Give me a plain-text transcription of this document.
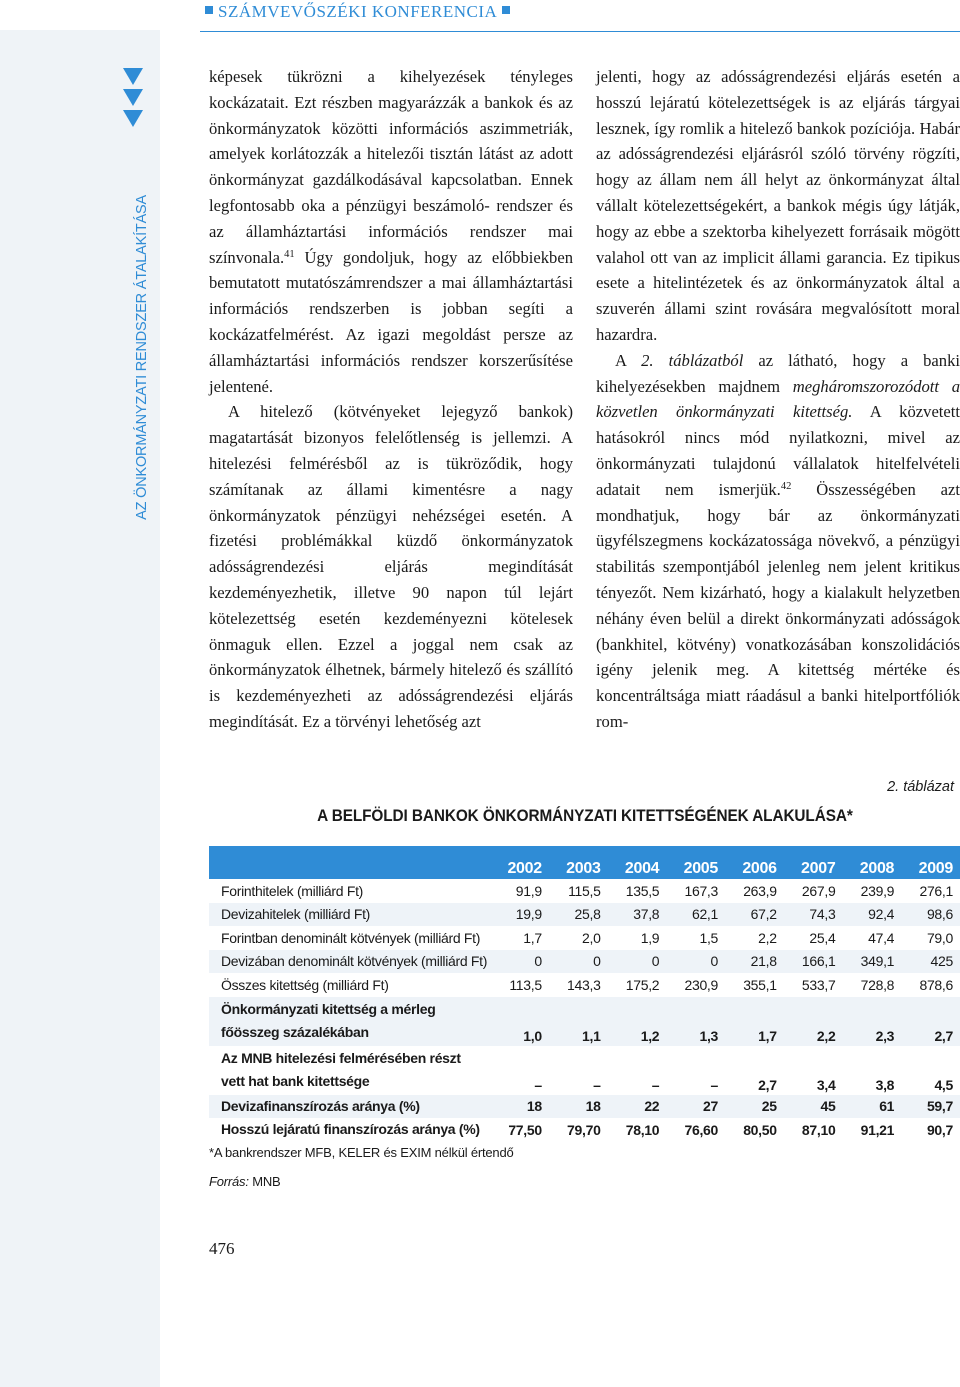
SZÁMVEVŐSZÉKI KONFERENCIA
AZ ÖNKORMÁNYZATI RENDSZER ÁTALAKÍTÁSA

képesek tükrözni a kihelyezések tényleges kockázatait. Ezt részben magyarázzák a bankok és az önkormányzatok közötti információs aszimmetriák, amelyek korlátozzák a hitelezői tisztán látást az adott önkormányzat gazdálkodásával kapcsolatban. Ennek legfontosabb oka a pénzügyi beszámoló- rendszer és az államháztartási információs rendszer mai színvonala.$^{41}$ Úgy gondoljuk, hogy az előbbiekben bemutatott mutatószámrendszer a mai államháztartási információs rendszerben is jobban segíti a kockázatfelmérést. Az igazi megoldást persze az államháztartási információs rendszer korszerűsítése jelentené.

A hitelező (kötvényeket lejegyző bankok) magatartását bizonyos felelőtlenség is jellemzi. A hitelezési felmérésből az is tükröződik, hogy számítanak az állami kimentésre a nagy önkormányzatok pénzügyi nehézségei esetén. A fizetési problémákkal küzdő önkormányzatok adósságrendezési eljárás megindítását kezdeményezhetik, illetve 90 napon túl lejárt kötelezettség esetén kezdeményezni kötelesek önmaguk ellen. Ezzel a joggal nem csak az önkormányzatok élhetnek, bármely hitelező és szállító is kezdeményezheti az adósságrendezési eljárás megindítását. Ez a törvényi lehetőség azt

jelenti, hogy az adósságrendezési eljárás esetén a hosszú lejáratú kötelezettségek is az eljárás tárgyai lesznek, így romlik a hitelező bankok pozíciója. Habár az adósságrendezési eljárásról szóló törvény rögzíti, hogy az állam nem áll helyt az önkormányzat által vállalt kötelezettségekért, a bankok mégis úgy látják, hogy az ebbe a szektorba kihelyezett forrásaik mögött valahol ott van az implicit állami garancia. Ez tipikus esete a hitelintézetek és az önkormányzatok által a szuverén állami szint rovására megvalósított moral hazardra.

A 2. táblázatból az látható, hogy a banki kihelyezésekben majdnem megháromszorozódott a közvetlen önkormányzati kitettség. A közvetett hatásokról nincs mód nyilatkozni, mivel az önkormányzati tulajdonú vállalatok hitelfelvételi adatait nem ismerjük.$^{42}$ Összességében azt mondhatjuk, hogy bár az önkormányzati ügyfélszegmens kockázatossága növekvő, a pénzügyi stabilitás szempontjából jelenleg nem jelent kritikus tényezőt. Nem kizárható, hogy a kialakult helyzetben néhány éven belül a direkt önkormányzati adósságok (bankhitel, kötvény) vonatkozásában konszolidációs igény jelenik meg. A kitettség mértéke és koncentráltsága miatt ráadásul a banki hitelportfóliók rom-

2. táblázat
A BELFÖLDI BANKOK ÖNKORMÁNYZATI KITETTSÉGÉNEK ALAKULÁSA*
	2002	2003	2004	2005	2006	2007	2008	2009
Forinthitelek (milliárd Ft)	91,9	115,5	135,5	167,3	263,9	267,9	239,9	276,1
Devizahitelek (milliárd Ft)	19,9	25,8	37,8	62,1	67,2	74,3	92,4	98,6
Forintban denominált kötvények (milliárd Ft)	1,7	2,0	1,9	1,5	2,2	25,4	47,4	79,0
Devizában denominált kötvények (milliárd Ft)	0	0	0	0	21,8	166,1	349,1	425
Összes kitettség (milliárd Ft)	113,5	143,3	175,2	230,9	355,1	533,7	728,8	878,6
Önkormányzati kitettség a mérleg főösszeg százalékában	1,0	1,1	1,2	1,3	1,7	2,2	2,3	2,7
Az MNB hitelezési felmérésében részt vett hat bank kitettsége	–	–	–	–	2,7	3,4	3,8	4,5
Devizafinanszírozás aránya (%)	18	18	22	27	25	45	61	59,7
Hosszú lejáratú finanszírozás aránya (%)	77,50	79,70	78,10	76,60	80,50	87,10	91,21	90,7
*A bankrendszer MFB, KELER és EXIM nélkül értendő
Forrás: MNB
476
